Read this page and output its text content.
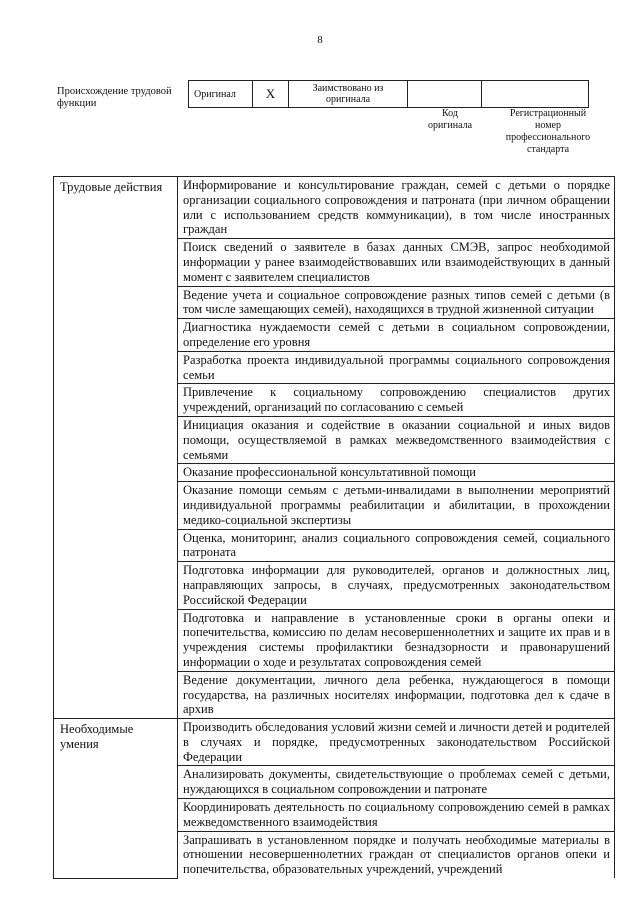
8
Происхождение трудовой функции
Оригинал	X	Заимствовано из оригинала		
Код оригинала
Регистрационный номер профессионального стандарта
Трудовые действия	Информирование и консультирование граждан, семей с детьми о порядке организации социального сопровождения и патроната (при личном обращении или с использованием средств коммуникации), в том числе иностранных граждан
	Поиск сведений о заявителе в базах данных СМЭВ, запрос необходимой информации у ранее взаимодействовавших или взаимодействующих в данный момент с заявителем специалистов
	Ведение учета и социальное сопровождение разных типов семей с детьми (в том числе замещающих семей), находящихся в трудной жизненной ситуации
	Диагностика нуждаемости семей с детьми в социальном сопровождении, определение его уровня
	Разработка проекта индивидуальной программы социального сопровождения семьи
	Привлечение к социальному сопровождению специалистов других учреждений, организаций по согласованию с семьей
	Инициация оказания и содействие в оказании социальной и иных видов помощи, осуществляемой в рамках межведомственного взаимодействия с семьями
	Оказание профессиональной консультативной помощи
	Оказание помощи семьям с детьми-инвалидами в выполнении мероприятий индивидуальной программы реабилитации и абилитации, в прохождении медико-социальной экспертизы
	Оценка, мониторинг, анализ социального сопровождения семей, социального патроната
	Подготовка информации для руководителей, органов и должностных лиц, направляющих запросы, в случаях, предусмотренных законодательством Российской Федерации
	Подготовка и направление в установленные сроки в органы опеки и попечительства, комиссию по делам несовершеннолетних и защите их прав и в учреждения системы профилактики безнадзорности и правонарушений информации о ходе и результатах сопровождения семей
	Ведение документации, личного дела ребенка, нуждающегося в помощи государства, на различных носителях информации, подготовка дел к сдаче в архив
Необходимые умения	Производить обследования условий жизни семей и личности детей и родителей в случаях и порядке, предусмотренных законодательством Российской Федерации
	Анализировать документы, свидетельствующие о проблемах семей с детьми, нуждающихся в социальном сопровождении и патронате
	Координировать деятельность по социальному сопровождению семей в рамках межведомственного взаимодействия
	Запрашивать в установленном порядке и получать необходимые материалы в отношении несовершеннолетних граждан от специалистов органов опеки и попечительства, образовательных учреждений, учреждений
